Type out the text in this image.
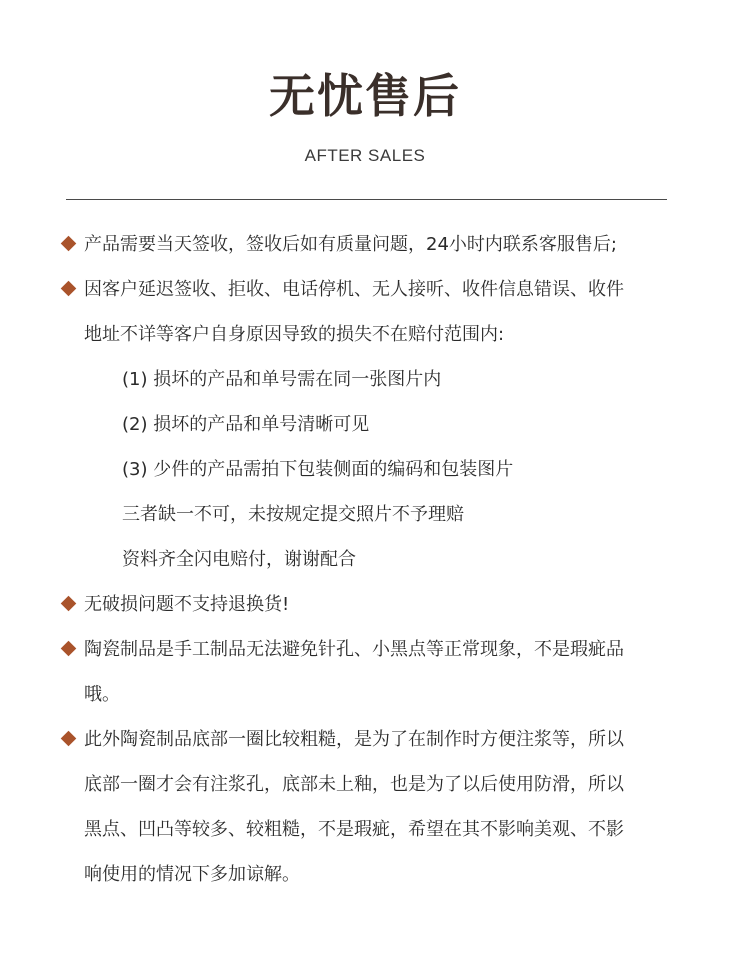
无忧售后
AFTER SALES
产品需要当天签收，签收后如有质量问题，24小时内联系客服售后;
因客户延迟签收、拒收、电话停机、无人接听、收件信息错误、收件
地址不详等客户自身原因导致的损失不在赔付范围内:
(1) 损坏的产品和单号需在同一张图片内
(2) 损坏的产品和单号清晰可见
(3) 少件的产品需拍下包装侧面的编码和包装图片
三者缺一不可，未按规定提交照片不予理赔
资料齐全闪电赔付，谢谢配合
无破损问题不支持退换货!
陶瓷制品是手工制品无法避免针孔、小黑点等正常现象，不是瑕疵品
哦。
此外陶瓷制品底部一圈比较粗糙，是为了在制作时方便注浆等，所以
底部一圈才会有注浆孔，底部未上釉，也是为了以后使用防滑，所以
黑点、凹凸等较多、较粗糙，不是瑕疵，希望在其不影响美观、不影
响使用的情况下多加谅解。
